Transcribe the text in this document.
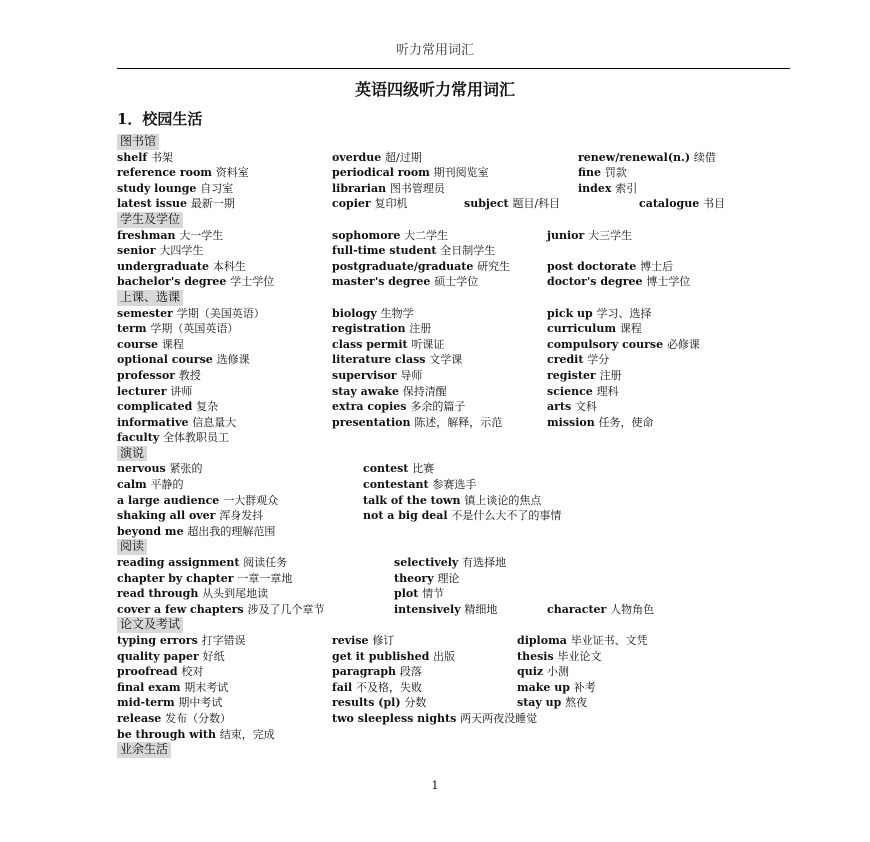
听力常用词汇
英语四级听力常用词汇
1．校园生活
图书馆
shelf 书架	overdue 超/过期	renew/renewal(n.) 续借
reference room 资料室	periodical room 期刊阅览室	fine 罚款
study lounge 自习室	librarian 图书管理员	index 索引
latest issue 最新一期	copier 复印机	subject 题目/科目	catalogue 书目
学生及学位
freshman 大一学生	sophomore 大二学生	junior 大三学生
senior 大四学生	full-time student 全日制学生
undergraduate 本科生	postgraduate/graduate 研究生	post doctorate 博士后
bachelor's degree 学士学位	master's degree 硕士学位	doctor's degree 博士学位
上课、选课
semester 学期（美国英语）	biology 生物学	pick up 学习、选择
term 学期（英国英语）	registration 注册	curriculum 课程
course 课程	class permit 听课证	compulsory course 必修课
optional course 选修课	literature class 文学课	credit 学分
professor 教授	supervisor 导师	register 注册
lecturer 讲师	stay awake 保持清醒	science 理科
complicated 复杂	extra copies 多余的篇子	arts 文科
informative 信息量大	presentation 陈述，解释，示范	mission 任务，使命
faculty 全体教职员工
演说
nervous 紧张的	contest 比赛
calm 平静的	contestant 参赛选手
a large audience 一大群观众	talk of the town 镇上谈论的焦点
shaking all over 浑身发抖	not a big deal 不是什么大不了的事情
beyond me 超出我的理解范围
阅读
reading assignment 阅读任务	selectively 有选择地
chapter by chapter 一章一章地	theory 理论
read through 从头到尾地读	plot 情节
cover a few chapters 涉及了几个章节	intensively 精细地	character 人物角色
论文及考试
typing errors 打字错误	revise 修订	diploma 毕业证书、文凭
quality paper 好纸	get it published 出版	thesis 毕业论文
proofread 校对	paragraph 段落	quiz 小测
final exam 期末考试	fail 不及格，失败	make up 补考
mid-term 期中考试	results (pl) 分数	stay up 熬夜
release 发布（分数）	two sleepless nights 两天两夜没睡觉
be through with 结束，完成
业余生活
1
